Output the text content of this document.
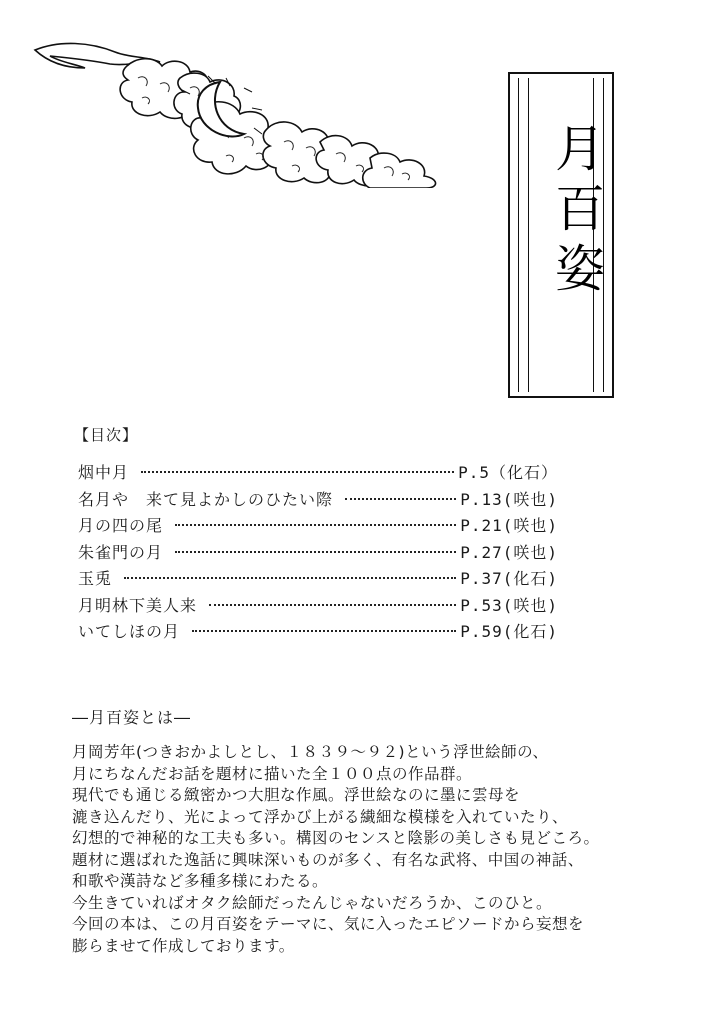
月百姿
【目次】
烟中月	P.5（化石）
名月や　来て見よかしのひたい際	P.13(咲也)
月の四の尾	P.21(咲也)
朱雀門の月	P.27(咲也)
玉兎	P.37(化石)
月明林下美人来	P.53(咲也)
いてしほの月	P.59(化石)
―月百姿とは―

月岡芳年(つきおかよしとし、１８３９～９２)という浮世絵師の、

月にちなんだお話を題材に描いた全１００点の作品群。

現代でも通じる緻密かつ大胆な作風。浮世絵なのに墨に雲母を

漉き込んだり、光によって浮かび上がる繊細な模様を入れていたり、

幻想的で神秘的な工夫も多い。構図のセンスと陰影の美しさも見どころ。

題材に選ばれた逸話に興味深いものが多く、有名な武将、中国の神話、

和歌や漢詩など多種多様にわたる。

今生きていればオタク絵師だったんじゃないだろうか、このひと。

今回の本は、この月百姿をテーマに、気に入ったエピソードから妄想を

膨らませて作成しております。
